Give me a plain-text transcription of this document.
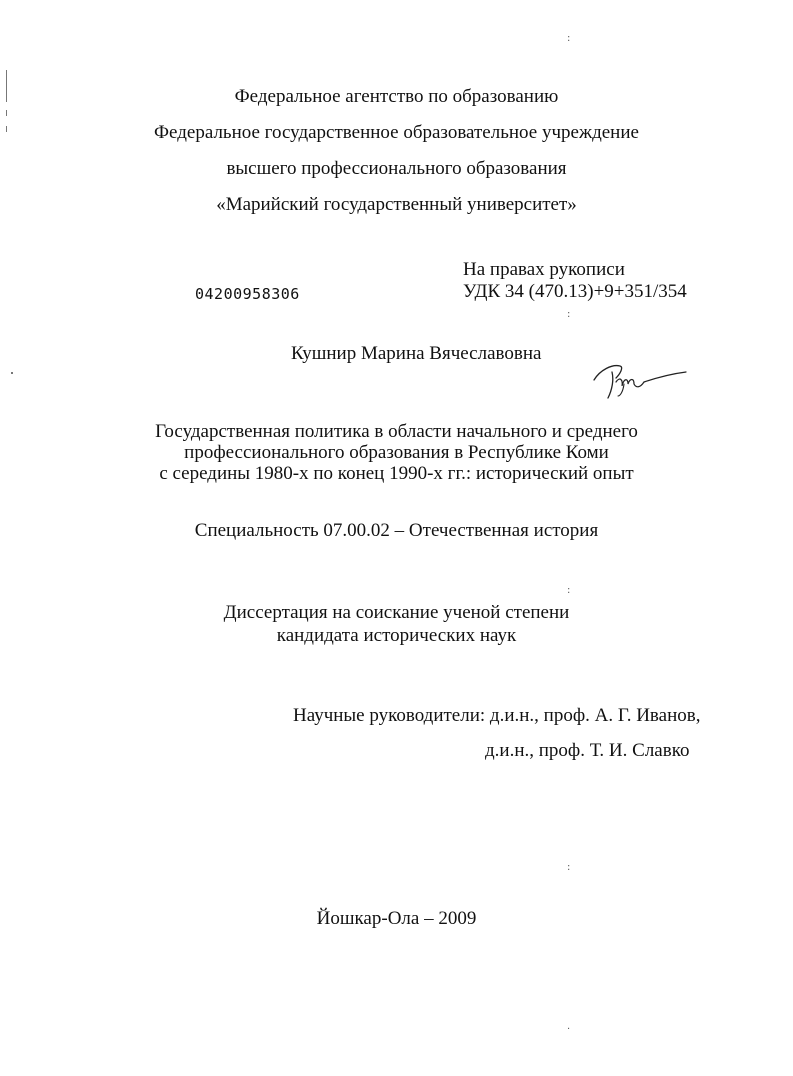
:
:
:
:
.
Федеральное агентство по образованию
Федеральное государственное образовательное учреждение
высшего профессионального образования
«Марийский государственный университет»
На правах рукописи
04200958306	УДК 34 (470.13)+9+351/354
Кушнир Марина Вячеславовна
Государственная политика в области начального и среднего
профессионального образования в Республике Коми
с середины 1980-х по конец 1990-х гг.: исторический опыт
Специальность 07.00.02 – Отечественная история
Диссертация на соискание ученой степени
кандидата исторических наук
Научные руководители: д.и.н., проф. А. Г. Иванов,
д.и.н., проф. Т. И. Славко
Йошкар-Ола – 2009
